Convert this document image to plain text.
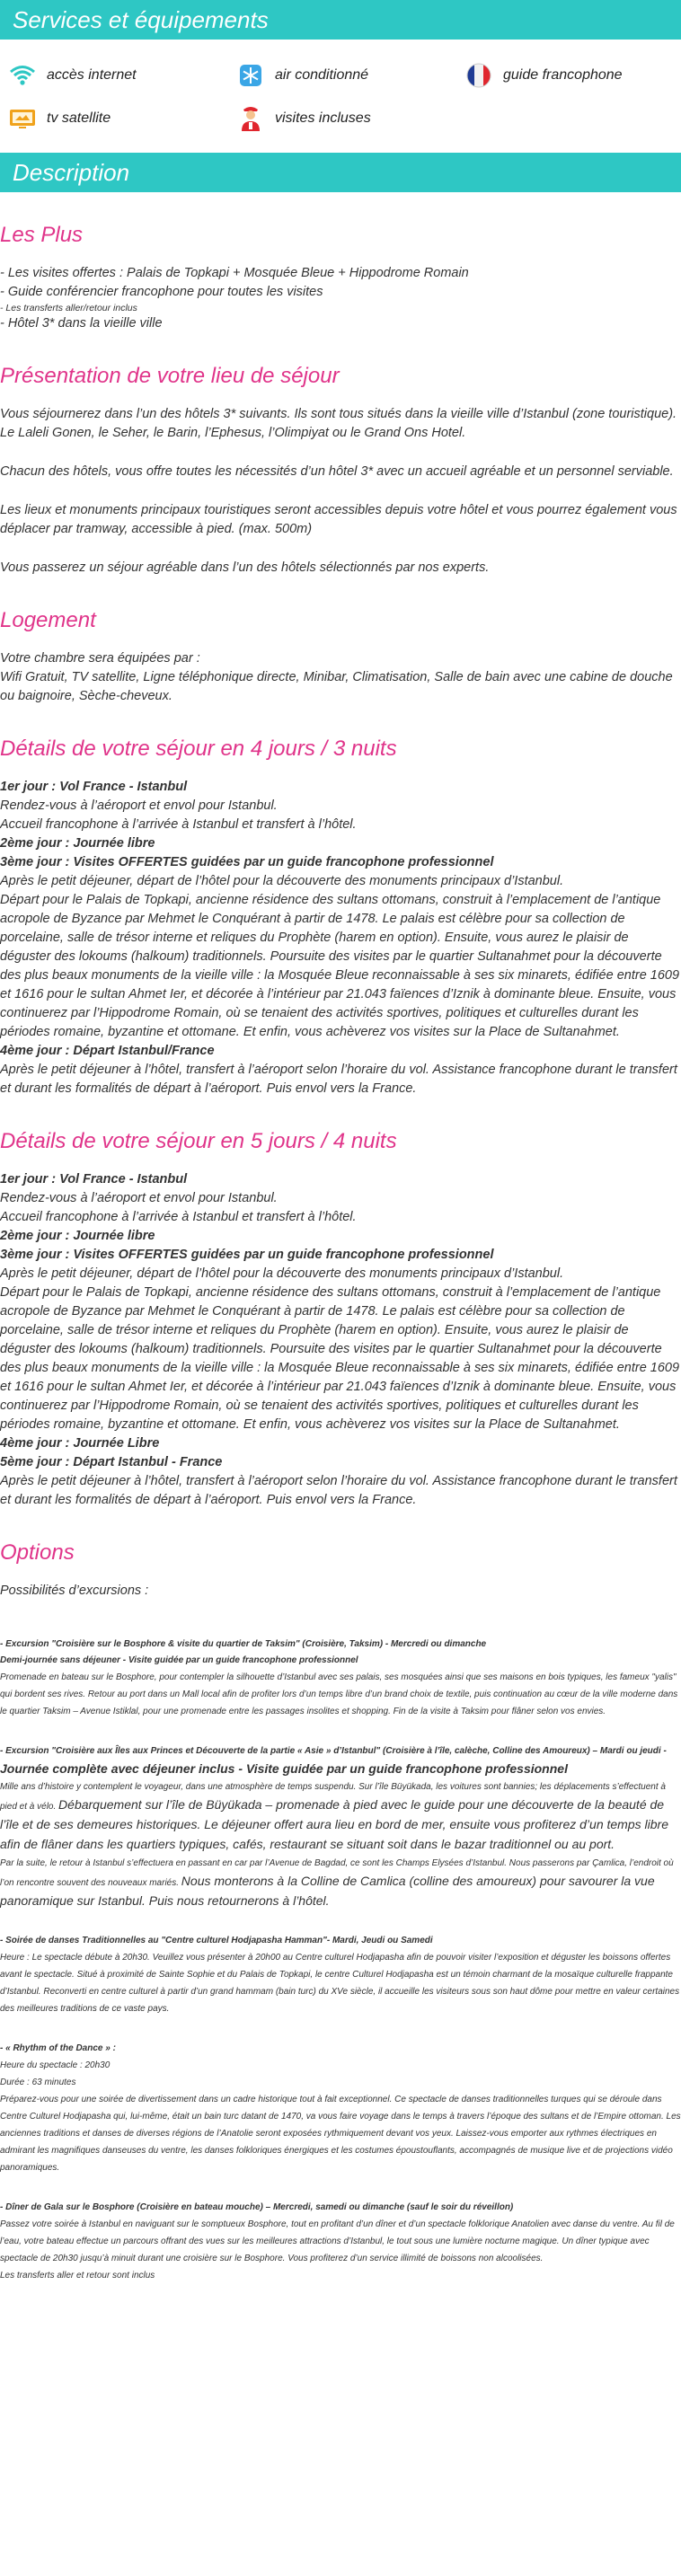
Services et équipements
accès internet	air conditionné	guide francophone
tv satellite	visites incluses
Description
Les Plus

- Les visites offertes : Palais de Topkapi + Mosquée Bleue + Hippodrome Romain

- Guide conférencier francophone pour toutes les visites

- Les transferts aller/retour inclus

- Hôtel 3* dans la vieille ville

Présentation de votre lieu de séjour

Vous séjournerez dans l’un des hôtels 3* suivants. Ils sont tous situés dans la vieille ville d’Istanbul (zone touristique).

Le Laleli Gonen, le Seher, le Barin, l’Ephesus, l’Olimpiyat ou le Grand Ons Hotel.

Chacun des hôtels, vous offre toutes les nécessités d’un hôtel 3* avec un accueil agréable et un personnel serviable.

Les lieux et monuments principaux touristiques seront accessibles depuis votre hôtel et vous pourrez également vous déplacer par tramway, accessible à pied. (max. 500m)

Vous passerez un séjour agréable dans l’un des hôtels sélectionnés par nos experts.

Logement

Votre chambre sera équipées par :

Wifi Gratuit, TV satellite, Ligne téléphonique directe, Minibar, Climatisation, Salle de bain avec une cabine de douche ou baignoire, Sèche-cheveux.

Détails de votre séjour en 4 jours / 3 nuits

1er jour : Vol France - Istanbul

Rendez-vous à l’aéroport et envol pour Istanbul.

Accueil francophone à l’arrivée à Istanbul et transfert à l’hôtel.

2ème jour : Journée libre

3ème jour : Visites OFFERTES guidées par un guide francophone professionnel

Après le petit déjeuner, départ de l’hôtel pour la découverte des monuments principaux d’Istanbul.

Départ pour le Palais de Topkapi, ancienne résidence des sultans ottomans, construit à l’emplacement de l’antique acropole de Byzance par Mehmet le Conquérant à partir de 1478. Le palais est célèbre pour sa collection de porcelaine, salle de trésor interne et reliques du Prophète (harem en option). Ensuite, vous aurez le plaisir de déguster des lokoums (halkoum) traditionnels. Poursuite des visites par le quartier Sultanahmet pour la découverte des plus beaux monuments de la vieille ville : la Mosquée Bleue reconnaissable à ses six minarets, édifiée entre 1609 et 1616 pour le sultan Ahmet Ier, et décorée à l’intérieur par 21.043 faïences d’Iznik à dominante bleue. Ensuite, vous continuerez par l’Hippodrome Romain, où se tenaient des activités sportives, politiques et culturelles durant les périodes romaine, byzantine et ottomane. Et enfin, vous achèverez vos visites sur la Place de Sultanahmet.

4ème jour : Départ Istanbul/France

Après le petit déjeuner à l’hôtel, transfert à l’aéroport selon l’horaire du vol. Assistance francophone durant le transfert et durant les formalités de départ à l’aéroport. Puis envol vers la France.

Détails de votre séjour en 5 jours / 4 nuits

1er jour : Vol France - Istanbul

Rendez-vous à l’aéroport et envol pour Istanbul.

Accueil francophone à l’arrivée à Istanbul et transfert à l’hôtel.

2ème jour : Journée libre

3ème jour : Visites OFFERTES guidées par un guide francophone professionnel

Après le petit déjeuner, départ de l’hôtel pour la découverte des monuments principaux d’Istanbul.

Départ pour le Palais de Topkapi, ancienne résidence des sultans ottomans, construit à l’emplacement de l’antique acropole de Byzance par Mehmet le Conquérant à partir de 1478. Le palais est célèbre pour sa collection de porcelaine, salle de trésor interne et reliques du Prophète (harem en option). Ensuite, vous aurez le plaisir de déguster des lokoums (halkoum) traditionnels. Poursuite des visites par le quartier Sultanahmet pour la découverte des plus beaux monuments de la vieille ville : la Mosquée Bleue reconnaissable à ses six minarets, édifiée entre 1609 et 1616 pour le sultan Ahmet Ier, et décorée à l’intérieur par 21.043 faïences d’Iznik à dominante bleue. Ensuite, vous continuerez par l’Hippodrome Romain, où se tenaient des activités sportives, politiques et culturelles durant les périodes romaine, byzantine et ottomane. Et enfin, vous achèverez vos visites sur la Place de Sultanahmet.

4ème jour : Journée Libre

5ème jour : Départ Istanbul - France

Après le petit déjeuner à l’hôtel, transfert à l’aéroport selon l’horaire du vol. Assistance francophone durant le transfert et durant les formalités de départ à l’aéroport. Puis envol vers la France.

Options

Possibilités d’excursions :

- Excursion "Croisière sur le Bosphore & visite du quartier de Taksim" (Croisière, Taksim) - Mercredi ou dimanche

Demi-journée sans déjeuner - Visite guidée par un guide francophone professionnel

Promenade en bateau sur le Bosphore, pour contempler la silhouette d’Istanbul avec ses palais, ses mosquées ainsi que ses maisons en bois typiques, les fameux "yalis" qui bordent ses rives. Retour au port dans un Mall local afin de profiter lors d’un temps libre d’un brand choix de textile, puis continuation au cœur de la ville moderne dans le quartier Taksim – Avenue Istiklal, pour une promenade entre les passages insolites et shopping. Fin de la visite à Taksim pour flâner selon vos envies.

- Excursion "Croisière aux Îles aux Princes et Découverte de la partie « Asie » d’Istanbul" (Croisière à l’île, calèche, Colline des Amoureux) – Mardi ou jeudi -

Journée complète avec déjeuner inclus - Visite guidée par un guide francophone professionnel

Mille ans d’histoire y contemplent le voyageur, dans une atmosphère de temps suspendu. Sur l’île Büyükada, les voitures sont bannies; les déplacements s’effectuent à pied et à vélo. Débarquement sur l’île de Büyükada – promenade à pied avec le guide pour une découverte de la beauté de l’île et de ses demeures historiques. Le déjeuner offert aura lieu en bord de mer, ensuite vous profiterez d’un temps libre afin de flâner dans les quartiers typiques, cafés, restaurant se situant soit dans le bazar traditionnel ou au port.

Par la suite, le retour à Istanbul s’effectuera en passant en car par l’Avenue de Bagdad, ce sont les Champs Elysées d’Istanbul. Nous passerons par Çamlica, l’endroit où l’on rencontre souvent des nouveaux mariés. Nous monterons à la Colline de Camlica (colline des amoureux) pour savourer la vue panoramique sur Istanbul. Puis nous retournerons à l’hôtel.

- Soirée de danses Traditionnelles au "Centre culturel Hodjapasha Hamman"- Mardi, Jeudi ou Samedi

Heure : Le spectacle débute à 20h30. Veuillez vous présenter à 20h00 au Centre culturel Hodjapasha afin de pouvoir visiter l’exposition et déguster les boissons offertes avant le spectacle. Situé à proximité de Sainte Sophie et du Palais de Topkapi, le centre Culturel Hodjapasha est un témoin charmant de la mosaïque culturelle frappante d’Istanbul. Reconverti en centre culturel à partir d’un grand hammam (bain turc) du XVe siècle, il accueille les visiteurs sous son haut dôme pour mettre en valeur certaines des meilleures traditions de ce vaste pays.

- « Rhythm of the Dance » :

Heure du spectacle : 20h30

Durée : 63 minutes

Préparez-vous pour une soirée de divertissement dans un cadre historique tout à fait exceptionnel. Ce spectacle de danses traditionnelles turques qui se déroule dans Centre Culturel Hodjapasha qui, lui-même, était un bain turc datant de 1470, va vous faire voyage dans le temps à travers l’époque des sultans et de l’Empire ottoman. Les anciennes traditions et danses de diverses régions de l’Anatolie seront exposées rythmiquement devant vos yeux. Laissez-vous emporter aux rythmes électriques en admirant les magnifiques danseuses du ventre, les danses folkloriques énergiques et les costumes époustouflants, accompagnés de musique live et de projections vidéo panoramiques.

- Dîner de Gala sur le Bosphore (Croisière en bateau mouche) – Mercredi, samedi ou dimanche (sauf le soir du réveillon)

Passez votre soirée à Istanbul en naviguant sur le somptueux Bosphore, tout en profitant d’un dîner et d’un spectacle folklorique Anatolien avec danse du ventre. Au fil de l’eau, votre bateau effectue un parcours offrant des vues sur les meilleures attractions d’Istanbul, le tout sous une lumière nocturne magique. Un dîner typique avec spectacle de 20h30 jusqu’à minuit durant une croisière sur le Bosphore. Vous profiterez d’un service illimité de boissons non alcoolisées.

Les transferts aller et retour sont inclus
